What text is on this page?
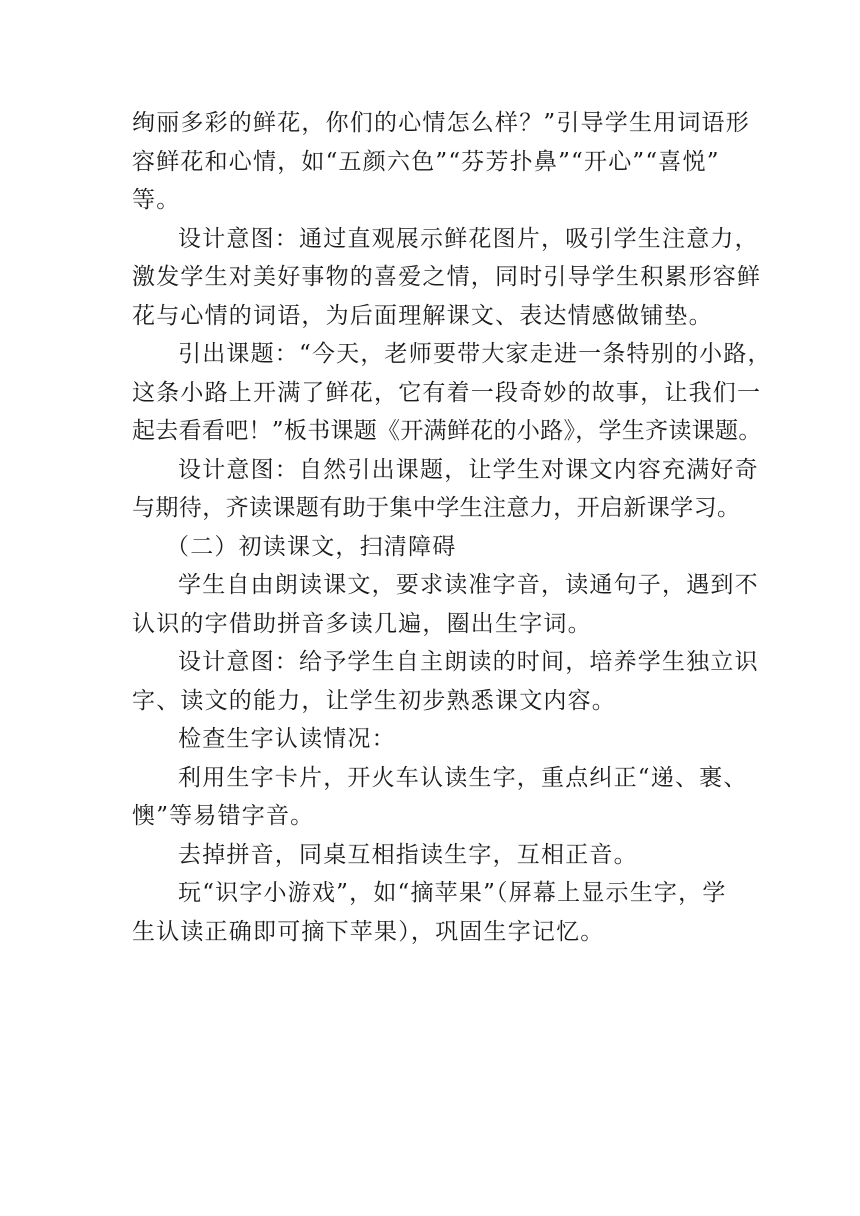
绚丽多彩的鲜花，你们的心情怎么样？”引导学生用词语形
容鲜花和心情，如“五颜六色”“芬芳扑鼻”“开心”“喜悦”
等。

设计意图：通过直观展示鲜花图片，吸引学生注意力，
激发学生对美好事物的喜爱之情，同时引导学生积累形容鲜
花与心情的词语，为后面理解课文、表达情感做铺垫。

引出课题：“今天，老师要带大家走进一条特别的小路，
这条小路上开满了鲜花，它有着一段奇妙的故事，让我们一
起去看看吧！”板书课题《开满鲜花的小路》，学生齐读课题。

设计意图：自然引出课题，让学生对课文内容充满好奇
与期待，齐读课题有助于集中学生注意力，开启新课学习。

（二）初读课文，扫清障碍

学生自由朗读课文，要求读准字音，读通句子，遇到不
认识的字借助拼音多读几遍，圈出生字词。

设计意图：给予学生自主朗读的时间，培养学生独立识
字、读文的能力，让学生初步熟悉课文内容。

检查生字认读情况：

利用生字卡片，开火车认读生字，重点纠正“递、裹、
懊”等易错字音。

去掉拼音，同桌互相指读生字，互相正音。

玩“识字小游戏”，如“摘苹果”（屏幕上显示生字，学
生认读正确即可摘下苹果），巩固生字记忆。
